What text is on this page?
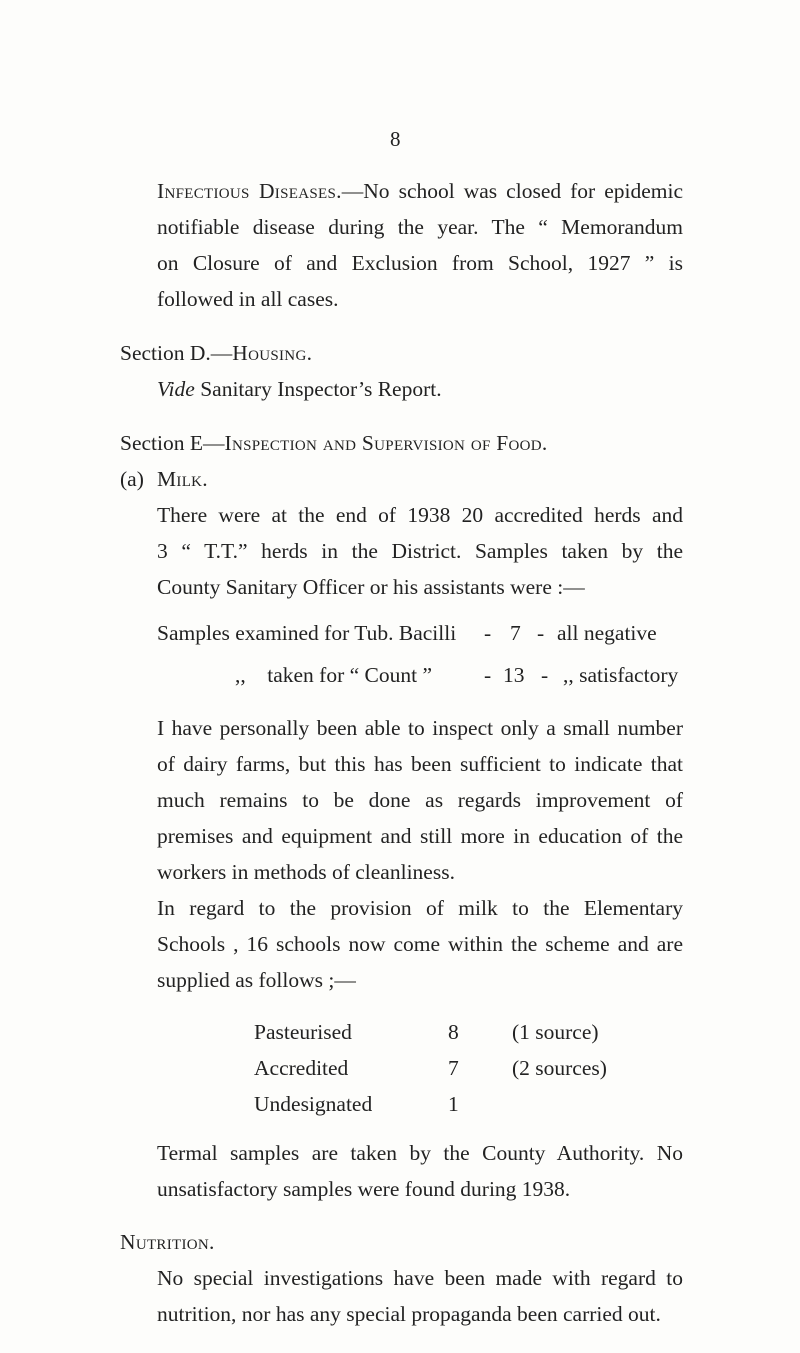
8
Infectious Diseases.—No school was closed for epidemic
notifiable disease during the year. The “ Memorandum
on Closure of and Exclusion from School, 1927 ” is
followed in all cases.
Section D.—Housing.
Vide Sanitary Inspector’s Report.
Section E—Inspection and Supervision of Food.
(a) Milk.
There were at the end of 1938 20 accredited herds and
3 “ T.T.” herds in the District. Samples taken by the
County Sanitary Officer or his assistants were :—
Samples examined for Tub. Bacilli - 7 - all negative
,,    taken for “ Count ” - 13 - ,, satisfactory
I have personally been able to inspect only a small number
of dairy farms, but this has been sufficient to indicate that
much remains to be done as regards improvement of
premises and equipment and still more in education of the
workers in methods of cleanliness.
In regard to the provision of milk to the Elementary
Schools , 16 schools now come within the scheme and are
supplied as follows ;—
Pasteurised	8 (1 source)
Accredited	7 (2 sources)
Undesignated	1
Termal samples are taken by the County Authority. No
unsatisfactory samples were found during 1938.
Nutrition.
No special investigations have been made with regard to
nutrition, nor has any special propaganda been carried out.
